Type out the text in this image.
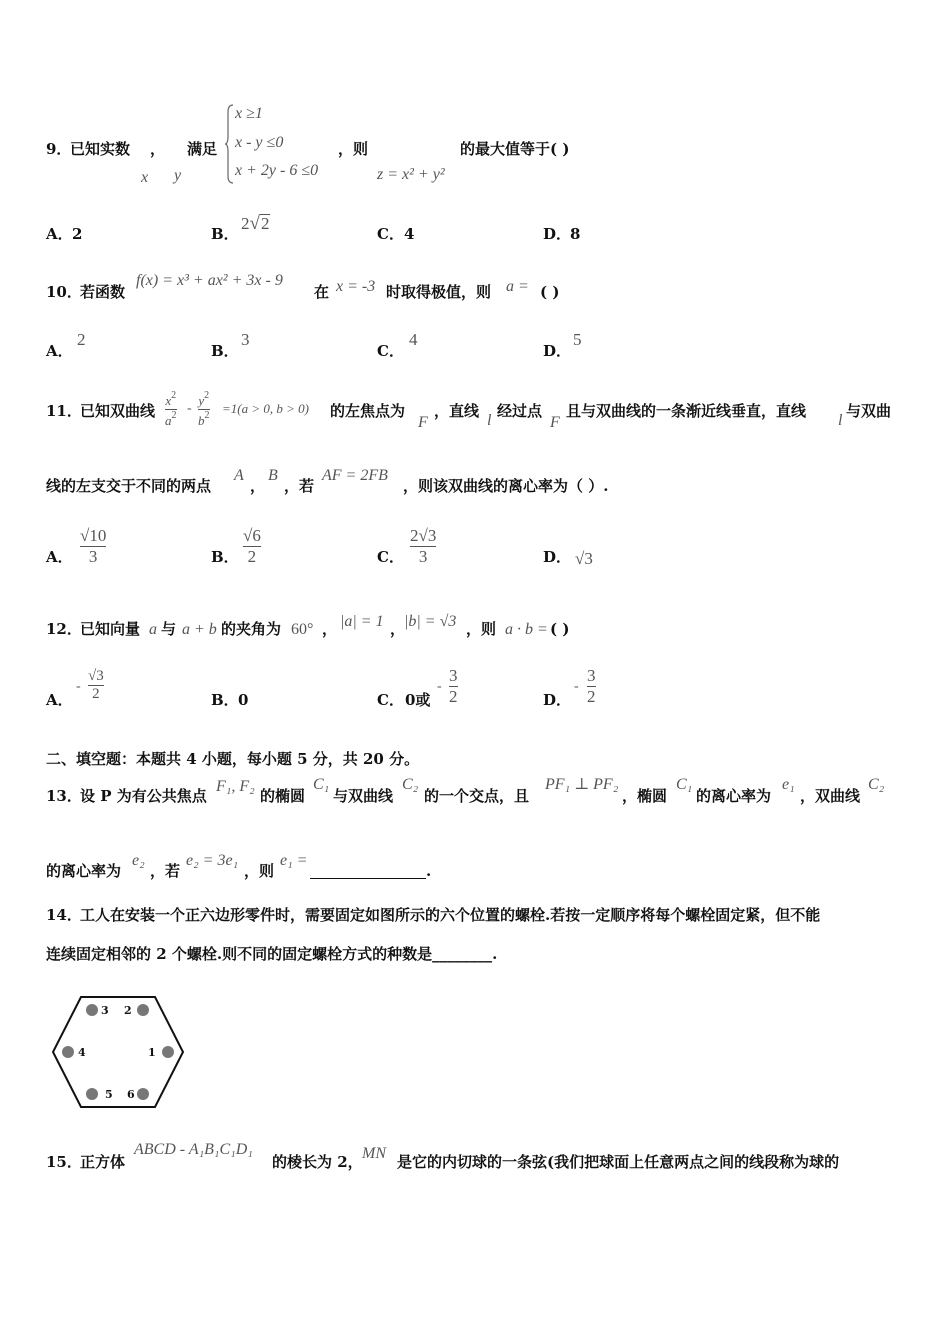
9．
已知实数 ， 满足
x y
x ≥1
x - y ≤0
x + 2y - 6 ≤0
，则	的最大值等于( )
z = x² + y²
A． 2	B．
2√2
C． 4	D．
8
10．
若函数
f(x) = x³ + ax² + 3x - 9
在 x = -3 时取得极值，则 a = ( )
A．
2
B．
3
C．
4
D．
5
11．
已知双曲线
$x^2$
$a^2$ -
$y^2$
$b^2 =1(a > 0$, b > 0) 的左焦点为
F
，直线
l
经过点
F
且与双曲线的一条渐近线垂直，直线
l
与双曲
线的左支交于不同的两点
A
，
B
，若
AF = 2FB
，则该双曲线的离心率为（ ）.
A．
√10
3	B．
√6
2	C．
2√3
3	D． √3
12．
已知向量 a 与 a + b 的夹角为 60° ， |a| = 1 ，
|b| = √3 ，则 a · b = ( )
A．
-
√3
2	B． 0	C． 0或
-
3
2	D．
-
3
2
二、填空题：本题共 4 小题，每小题 5 分，共 20 分。
13．
设 P 为有公共焦点
F₁, F₂
的椭圆
C₁
与双曲线
C₂
的一个交点，且
PF₁ ⊥ PF₂
，椭圆
C₁
的离心率为
e₁
，双曲线
C₂
的离心率为
e₂
，若
e₂ = 3e₁
，则
e₁ =
.
14．
工人在安装一个正六边形零件时，需要固定如图所示的六个位置的螺栓.若按一定顺序将每个螺栓固定紧，但不能
连续固定相邻的 2 个螺栓.则不同的固定螺栓方式的种数是________.
3 2
4	1
5 6
15．
正方体
ABCD - A₁B₁C₁D₁
的棱长为 2， MN 是它的内切球的一条弦(我们把球面上任意两点之间的线段称为球的
